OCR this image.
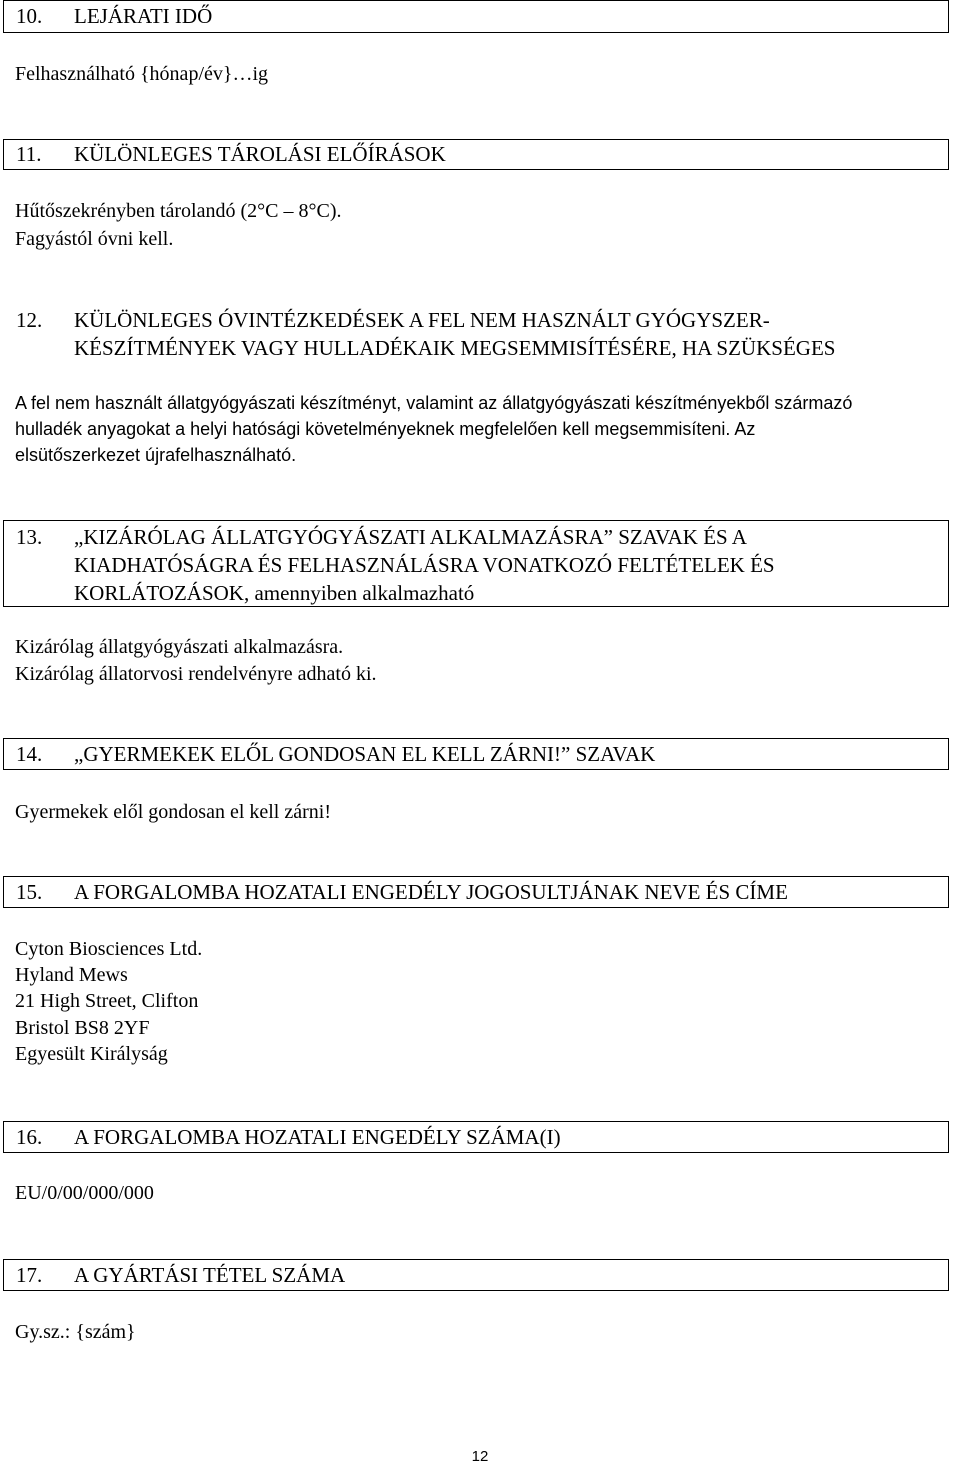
10.	LEJÁRATI IDŐ
Felhasználható {hónap/év}…ig
11.	KÜLÖNLEGES TÁROLÁSI ELŐÍRÁSOK
Hűtőszekrényben tárolandó (2°C – 8°C).
Fagyástól óvni kell.
12.	KÜLÖNLEGES ÓVINTÉZKEDÉSEK A FEL NEM HASZNÁLT GYÓGYSZER-
KÉSZÍTMÉNYEK VAGY HULLADÉKAIK MEGSEMMISÍTÉSÉRE, HA SZÜKSÉGES
A fel nem használt állatgyógyászati készítményt, valamint az állatgyógyászati készítményekből származó
hulladék anyagokat a helyi hatósági követelményeknek megfelelően kell megsemmisíteni. Az
elsütőszerkezet újrafelhasználható.
13.	„KIZÁRÓLAG ÁLLATGYÓGYÁSZATI ALKALMAZÁSRA” SZAVAK ÉS A
KIADHATÓSÁGRA ÉS FELHASZNÁLÁSRA VONATKOZÓ FELTÉTELEK ÉS
KORLÁTOZÁSOK, amennyiben alkalmazható
Kizárólag állatgyógyászati alkalmazásra.
Kizárólag állatorvosi rendelvényre adható ki.
14.	„GYERMEKEK ELŐL GONDOSAN EL KELL ZÁRNI!” SZAVAK
Gyermekek elől gondosan el kell zárni!
15.	A FORGALOMBA HOZATALI ENGEDÉLY JOGOSULTJÁNAK NEVE ÉS CÍME
Cyton Biosciences Ltd.
Hyland Mews
21 High Street, Clifton
Bristol BS8 2YF
Egyesült Királyság
16.	A FORGALOMBA HOZATALI ENGEDÉLY SZÁMA(I)
EU/0/00/000/000
17.	A GYÁRTÁSI TÉTEL SZÁMA
Gy.sz.: {szám}
12
